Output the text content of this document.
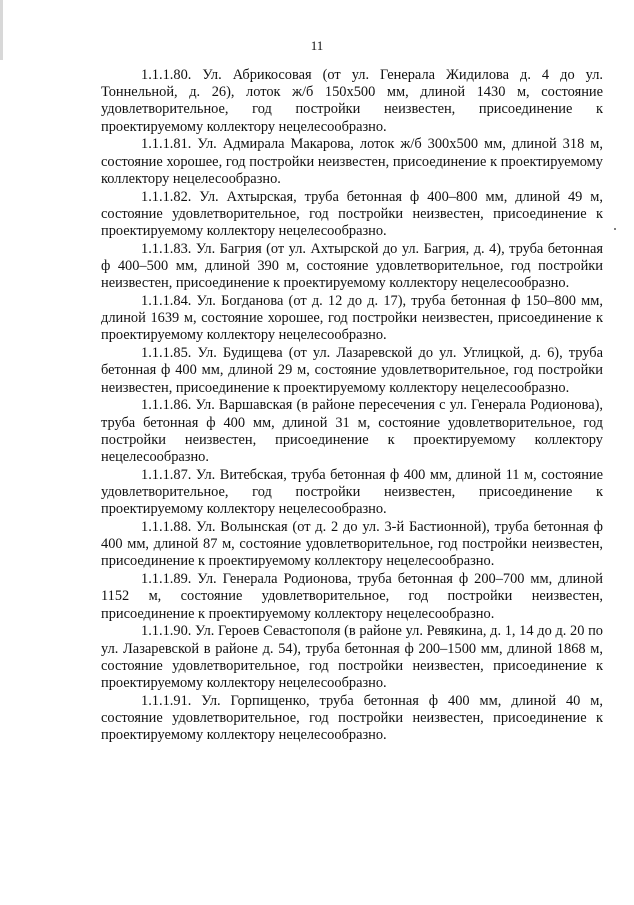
11

1.1.1.80. Ул. Абрикосовая (от ул. Генерала Жидилова д. 4 до ул. Тоннельной, д. 26), лоток ж/б 150х500 мм, длиной 1430 м, состояние удовлетворительное, год постройки неизвестен, присоединение к проектируемому коллектору нецелесообразно.

1.1.1.81. Ул. Адмирала Макарова, лоток ж/б 300х500 мм, длиной 318 м, состояние хорошее, год постройки неизвестен, присоединение к проектируемому коллектору нецелесообразно.

1.1.1.82. Ул. Ахтырская, труба бетонная ф 400–800 мм, длиной 49 м, состояние удовлетворительное, год постройки неизвестен, присоединение к проектируемому коллектору нецелесообразно.

1.1.1.83. Ул. Багрия (от ул. Ахтырской до ул. Багрия, д. 4), труба бетонная ф 400–500 мм, длиной 390 м, состояние удовлетворительное, год постройки неизвестен, присоединение к проектируемому коллектору нецелесообразно.

1.1.1.84. Ул. Богданова (от д. 12 до д. 17), труба бетонная ф 150–800 мм, длиной 1639 м, состояние хорошее, год постройки неизвестен, присоединение к проектируемому коллектору нецелесообразно.

1.1.1.85. Ул. Будищева (от ул. Лазаревской до ул. Углицкой, д. 6), труба бетонная ф 400 мм, длиной 29 м, состояние удовлетворительное, год постройки неизвестен, присоединение к проектируемому коллектору нецелесообразно.

1.1.1.86. Ул. Варшавская (в районе пересечения с ул. Генерала Родионова), труба бетонная ф 400 мм, длиной 31 м, состояние удовлетворительное, год постройки неизвестен, присоединение к проектируемому коллектору нецелесообразно.

1.1.1.87. Ул. Витебская, труба бетонная ф 400 мм, длиной 11 м, состояние удовлетворительное, год постройки неизвестен, присоединение к проектируемому коллектору нецелесообразно.

1.1.1.88. Ул. Волынская (от д. 2 до ул. 3-й Бастионной), труба бетонная ф 400 мм, длиной 87 м, состояние удовлетворительное, год постройки неизвестен, присоединение к проектируемому коллектору нецелесообразно.

1.1.1.89. Ул. Генерала Родионова, труба бетонная ф 200–700 мм, длиной 1152 м, состояние удовлетворительное, год постройки неизвестен, присоединение к проектируемому коллектору нецелесообразно.

1.1.1.90. Ул. Героев Севастополя (в районе ул. Ревякина, д. 1, 14 до д. 20 по ул. Лазаревской в районе д. 54), труба бетонная ф 200–1500 мм, длиной 1868 м, состояние удовлетворительное, год постройки неизвестен, присоединение к проектируемому коллектору нецелесообразно.

1.1.1.91. Ул. Горпищенко, труба бетонная ф 400 мм, длиной 40 м, состояние удовлетворительное, год постройки неизвестен, присоединение к проектируемому коллектору нецелесообразно.
